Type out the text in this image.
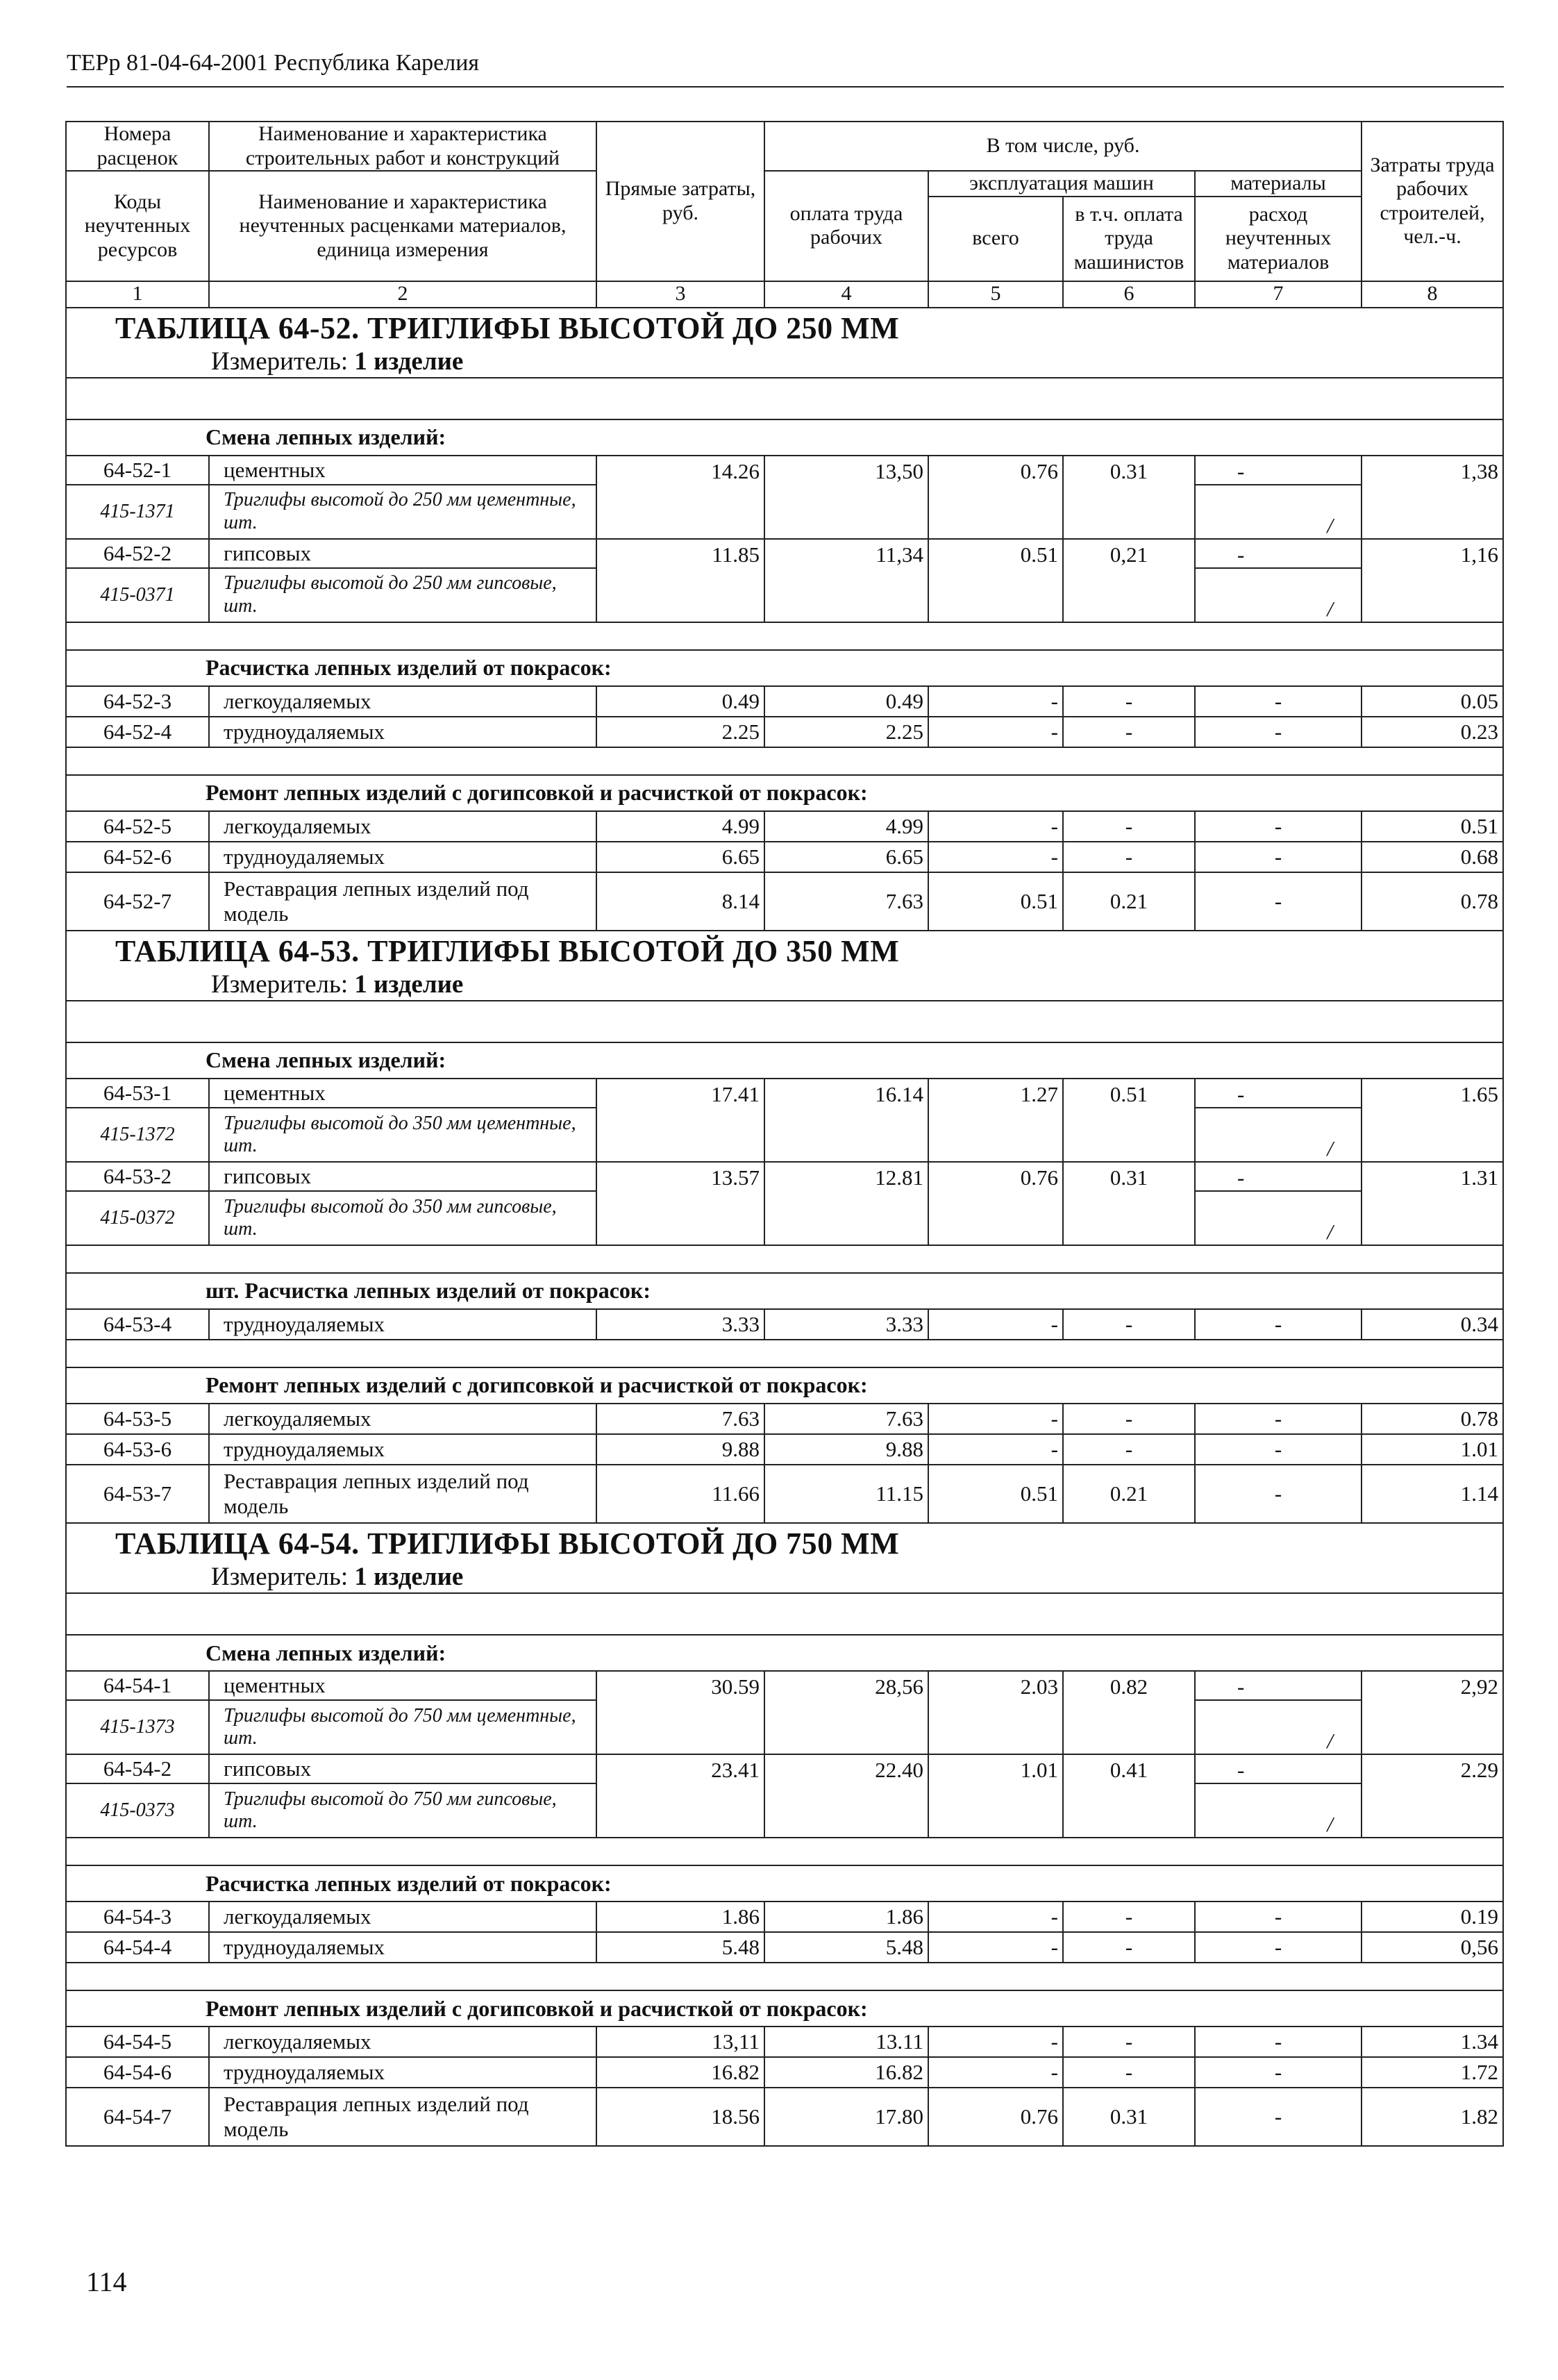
ТЕРр 81-04-64-2001 Республика Карелия
Номера расценок	Наименование и характеристика строительных работ и конструкций	Прямые затраты, руб.	В том числе, руб.				Затраты труда рабочих строителей, чел.-ч.
Коды неучтенных ресурсов	Наименование и характеристика неучтенных расценками материалов, единица измерения		оплата труда рабочих	эксплуатация машин		материалы	
				всего	в т.ч. оплата труда машинистов	расход неучтенных материалов	

1	2	3	4	5	6	7	8

ТАБЛИЦА 64-52. ТРИГЛИФЫ ВЫСОТОЙ ДО 250 ММ
Измеритель: 1 изделие							

Смена лепных изделий:							
64-52-1	цементных	14.26	13,50	0.76	0.31	-	1,38
415-1371	Триглифы высотой до 250 мм цементные, шт.					/	
64-52-2	гипсовых	11.85	11,34	0.51	0,21	-	1,16
415-0371	Триглифы высотой до 250 мм гипсовые, шт.					/	

Расчистка лепных изделий от покрасок:							
64-52-3	легкоудаляемых	0.49	0.49	-	-	-	0.05
64-52-4	трудноудаляемых	2.25	2.25	-	-	-	0.23

Ремонт лепных изделий с догипсовкой и расчисткой от покрасок:							
64-52-5	легкоудаляемых	4.99	4.99	-	-	-	0.51
64-52-6	трудноудаляемых	6.65	6.65	-	-	-	0.68
64-52-7	Реставрация лепных изделий под модель	8.14	7.63	0.51	0.21	-	0.78

ТАБЛИЦА 64-53. ТРИГЛИФЫ ВЫСОТОЙ ДО 350 ММ
Измеритель: 1 изделие							

Смена лепных изделий:							
64-53-1	цементных	17.41	16.14	1.27	0.51	-	1.65
415-1372	Триглифы высотой до 350 мм цементные, шт.					/	
64-53-2	гипсовых	13.57	12.81	0.76	0.31	-	1.31
415-0372	Триглифы высотой до 350 мм гипсовые, шт.					/	

шт. Расчистка лепных изделий от покрасок:							
64-53-4	трудноудаляемых	3.33	3.33	-	-	-	0.34

Ремонт лепных изделий с догипсовкой и расчисткой от покрасок:							
64-53-5	легкоудаляемых	7.63	7.63	-	-	-	0.78
64-53-6	трудноудаляемых	9.88	9.88	-	-	-	1.01
64-53-7	Реставрация лепных изделий под модель	11.66	11.15	0.51	0.21	-	1.14

ТАБЛИЦА 64-54. ТРИГЛИФЫ ВЫСОТОЙ ДО 750 ММ
Измеритель: 1 изделие							

Смена лепных изделий:							
64-54-1	цементных	30.59	28,56	2.03	0.82	-	2,92
415-1373	Триглифы высотой до 750 мм цементные, шт.					/	
64-54-2	гипсовых	23.41	22.40	1.01	0.41	-	2.29
415-0373	Триглифы высотой до 750 мм гипсовые, шт.					/	

Расчистка лепных изделий от покрасок:							
64-54-3	легкоудаляемых	1.86	1.86	-	-	-	0.19
64-54-4	трудноудаляемых	5.48	5.48	-	-	-	0,56

Ремонт лепных изделий с догипсовкой и расчисткой от покрасок:							
64-54-5	легкоудаляемых	13,11	13.11	-	-	-	1.34
64-54-6	трудноудаляемых	16.82	16.82	-	-	-	1.72
64-54-7	Реставрация лепных изделий под модель	18.56	17.80	0.76	0.31	-	1.82
114
